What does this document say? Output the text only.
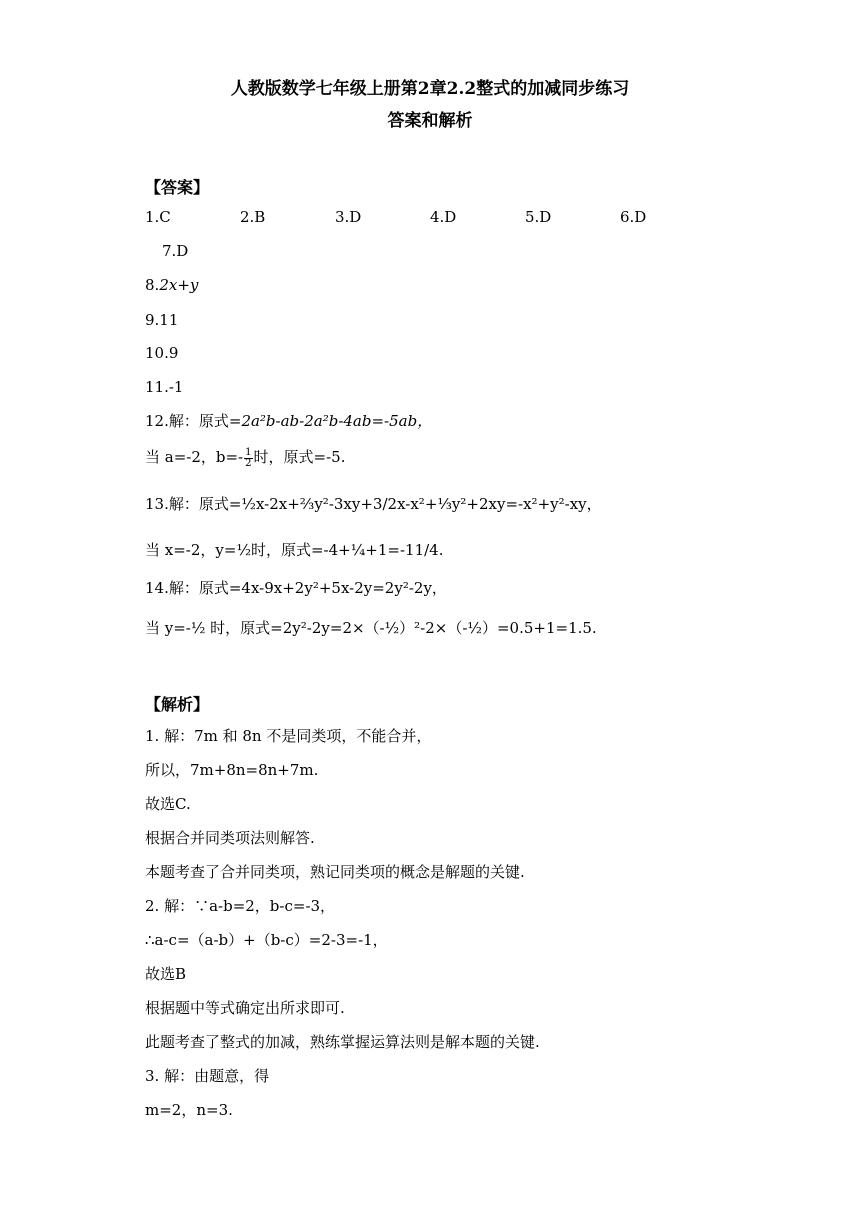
人教版数学七年级上册第2章2.2整式的加减同步练习
答案和解析
【答案】
1.C	2.B	3.D	4.D	5.D	6.D
7.D
8.2x+y
9.11
10.9
11.-1
12.解：原式=2a²b-ab-2a²b-4ab=-5ab，
当 a=-2，$b=- \frac{1}{2}$ 时，原式=-5.
13.解：原式=½x-2x+⅔y²-3xy+3/2x-x²+⅓y²+2xy=-x²+y²-xy，
当 x=-2，y=½时，原式=-4+¼+1=-11/4.
14.解：原式=4x-9x+2y²+5x-2y=2y²-2y，
当 y=-½ 时，原式=2y²-2y=2×（-½）²-2×（-½）=0.5+1=1.5.
【解析】
1. 解：7m 和 8n 不是同类项，不能合并，
所以，7m+8n=8n+7m.
故选C.
根据合并同类项法则解答.
本题考查了合并同类项，熟记同类项的概念是解题的关键.
2. 解：∵a-b=2，b-c=-3，
∴a-c=（a-b）+（b-c）=2-3=-1，
故选B
根据题中等式确定出所求即可.
此题考查了整式的加减，熟练掌握运算法则是解本题的关键.
3. 解：由题意，得
m=2，n=3.
